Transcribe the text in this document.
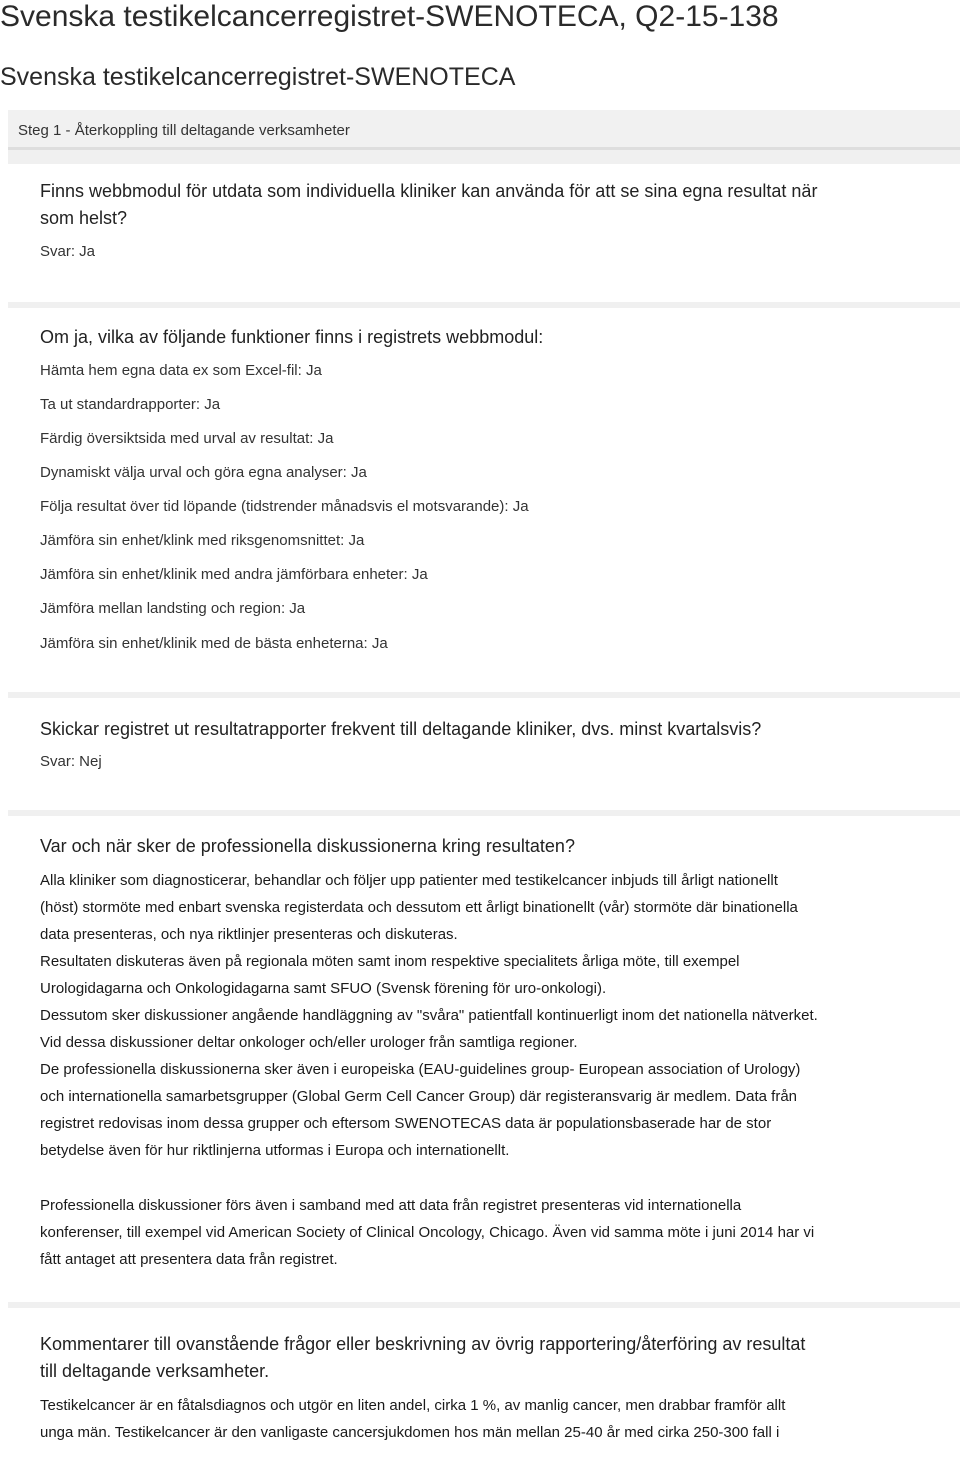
Svenska testikelcancerregistret-SWENOTECA, Q2-15-138
Svenska testikelcancerregistret-SWENOTECA
Steg 1 - Återkoppling till deltagande verksamheter
Finns webbmodul för utdata som individuella kliniker kan använda för att se sina egna resultat när
som helst?
Svar: Ja
Om ja, vilka av följande funktioner finns i registrets webbmodul:
Hämta hem egna data ex som Excel-fil: Ja
Ta ut standardrapporter: Ja
Färdig översiktsida med urval av resultat: Ja
Dynamiskt välja urval och göra egna analyser: Ja
Följa resultat över tid löpande (tidstrender månadsvis el motsvarande): Ja
Jämföra sin enhet/klink med riksgenomsnittet: Ja
Jämföra sin enhet/klinik med andra jämförbara enheter: Ja
Jämföra mellan landsting och region: Ja
Jämföra sin enhet/klinik med de bästa enheterna: Ja
Skickar registret ut resultatrapporter frekvent till deltagande kliniker, dvs. minst kvartalsvis?
Svar: Nej
Var och när sker de professionella diskussionerna kring resultaten?
Alla kliniker som diagnosticerar, behandlar och följer upp patienter med testikelcancer inbjuds till årligt nationellt
(höst) stormöte med enbart svenska registerdata och dessutom ett årligt binationellt (vår) stormöte där binationella
data presenteras, och nya riktlinjer presenteras och diskuteras.
Resultaten diskuteras även på regionala möten samt inom respektive specialitets årliga möte, till exempel
Urologidagarna och Onkologidagarna samt SFUO (Svensk förening för uro-onkologi).
Dessutom sker diskussioner angående handläggning av "svåra" patientfall kontinuerligt inom det nationella nätverket.
Vid dessa diskussioner deltar onkologer och/eller urologer från samtliga regioner.
De professionella diskussionerna sker även i europeiska (EAU-guidelines group- European association of Urology)
och internationella samarbetsgrupper (Global Germ Cell Cancer Group) där registeransvarig är medlem. Data från
registret redovisas inom dessa grupper och eftersom SWENOTECAS data är populationsbaserade har de stor
betydelse även för hur riktlinjerna utformas i Europa och internationellt.
Professionella diskussioner förs även i samband med att data från registret presenteras vid internationella
konferenser, till exempel vid American Society of Clinical Oncology, Chicago. Även vid samma möte i juni 2014 har vi
fått antaget att presentera data från registret.
Kommentarer till ovanstående frågor eller beskrivning av övrig rapportering/återföring av resultat
till deltagande verksamheter.
Testikelcancer är en fåtalsdiagnos och utgör en liten andel, cirka 1 %, av manlig cancer, men drabbar framför allt
unga män. Testikelcancer är den vanligaste cancersjukdomen hos män mellan 25-40 år med cirka 250-300 fall i
